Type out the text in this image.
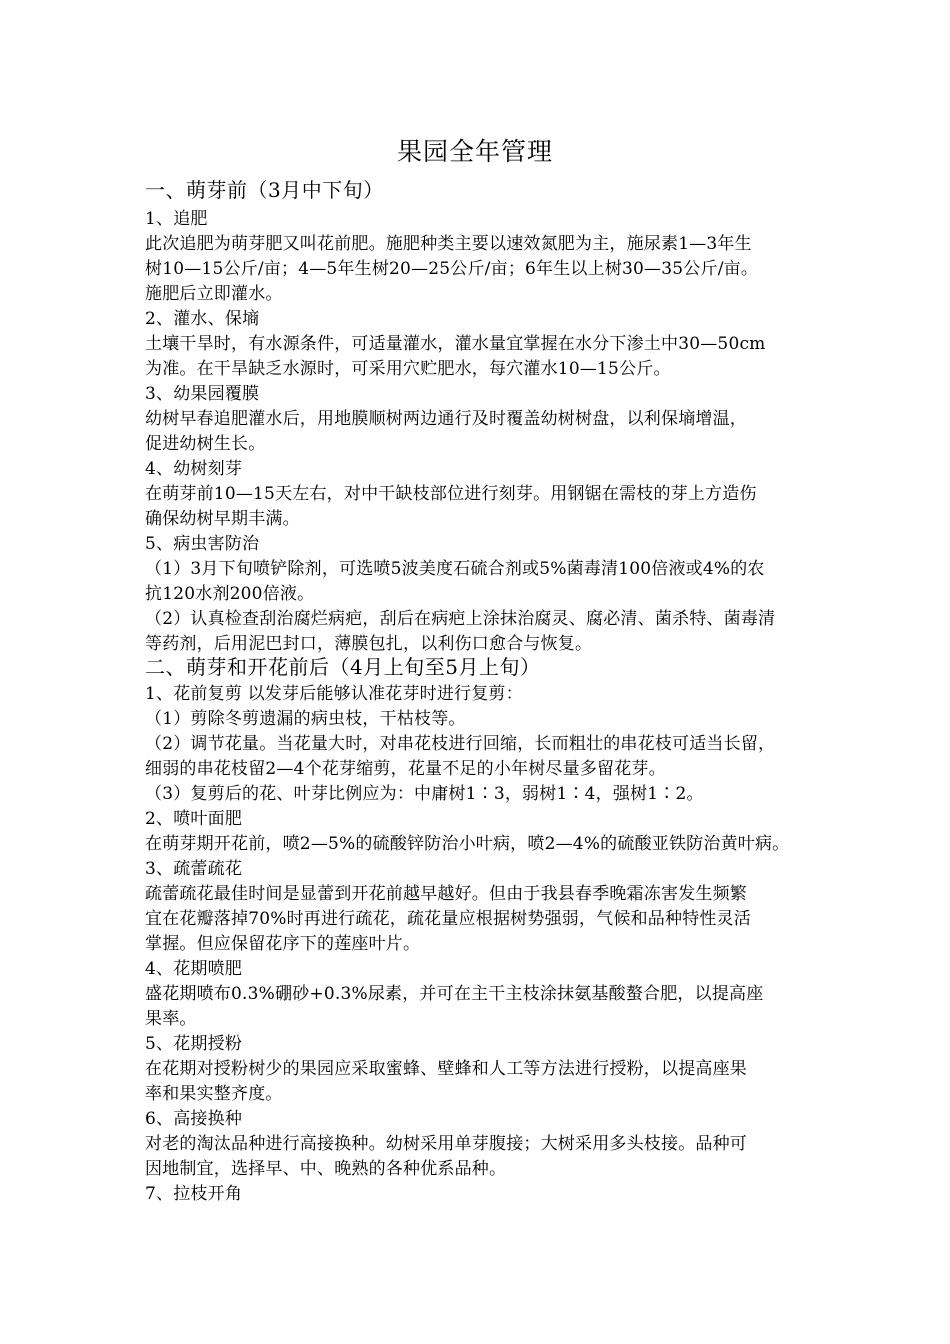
果园全年管理
一、萌芽前（3月中下旬）
1、追肥
此次追肥为萌芽肥又叫花前肥。施肥种类主要以速效氮肥为主，施尿素1—3年生
树10—15公斤/亩；4—5年生树20—25公斤/亩；6年生以上树30—35公斤/亩。
施肥后立即灌水。
2、灌水、保墒
土壤干旱时，有水源条件，可适量灌水，灌水量宜掌握在水分下渗土中30—50cm
为准。在干旱缺乏水源时，可采用穴贮肥水，每穴灌水10—15公斤。
3、幼果园覆膜
幼树早春追肥灌水后，用地膜顺树两边通行及时覆盖幼树树盘，以利保墒增温，
促进幼树生长。
4、幼树刻芽
在萌芽前10—15天左右，对中干缺枝部位进行刻芽。用钢锯在需枝的芽上方造伤
确保幼树早期丰满。
5、病虫害防治
（1）3月下旬喷铲除剂，可选喷5波美度石硫合剂或5%菌毒清100倍液或4%的农
抗120水剂200倍液。
（2）认真检查刮治腐烂病疤，刮后在病疤上涂抹治腐灵、腐必清、菌杀特、菌毒清
等药剂，后用泥巴封口，薄膜包扎，以利伤口愈合与恢复。
二、萌芽和开花前后（4月上旬至5月上旬）
1、花前复剪 以发芽后能够认准花芽时进行复剪：
（1）剪除冬剪遗漏的病虫枝，干枯枝等。
（2）调节花量。当花量大时，对串花枝进行回缩，长而粗壮的串花枝可适当长留，
细弱的串花枝留2—4个花芽缩剪，花量不足的小年树尽量多留花芽。
（3）复剪后的花、叶芽比例应为：中庸树1∶3，弱树1∶4，强树1∶2。
2、喷叶面肥
在萌芽期开花前，喷2—5%的硫酸锌防治小叶病，喷2—4%的硫酸亚铁防治黄叶病。
3、疏蕾疏花
疏蕾疏花最佳时间是显蕾到开花前越早越好。但由于我县春季晚霜冻害发生频繁
宜在花瓣落掉70%时再进行疏花，疏花量应根据树势强弱，气候和品种特性灵活
掌握。但应保留花序下的莲座叶片。
4、花期喷肥
盛花期喷布0.3%硼砂+0.3%尿素，并可在主干主枝涂抹氨基酸螯合肥，以提高座
果率。
5、花期授粉
在花期对授粉树少的果园应采取蜜蜂、壁蜂和人工等方法进行授粉，以提高座果
率和果实整齐度。
6、高接换种
对老的淘汰品种进行高接换种。幼树采用单芽腹接；大树采用多头枝接。品种可
因地制宜，选择早、中、晚熟的各种优系品种。
7、拉枝开角
